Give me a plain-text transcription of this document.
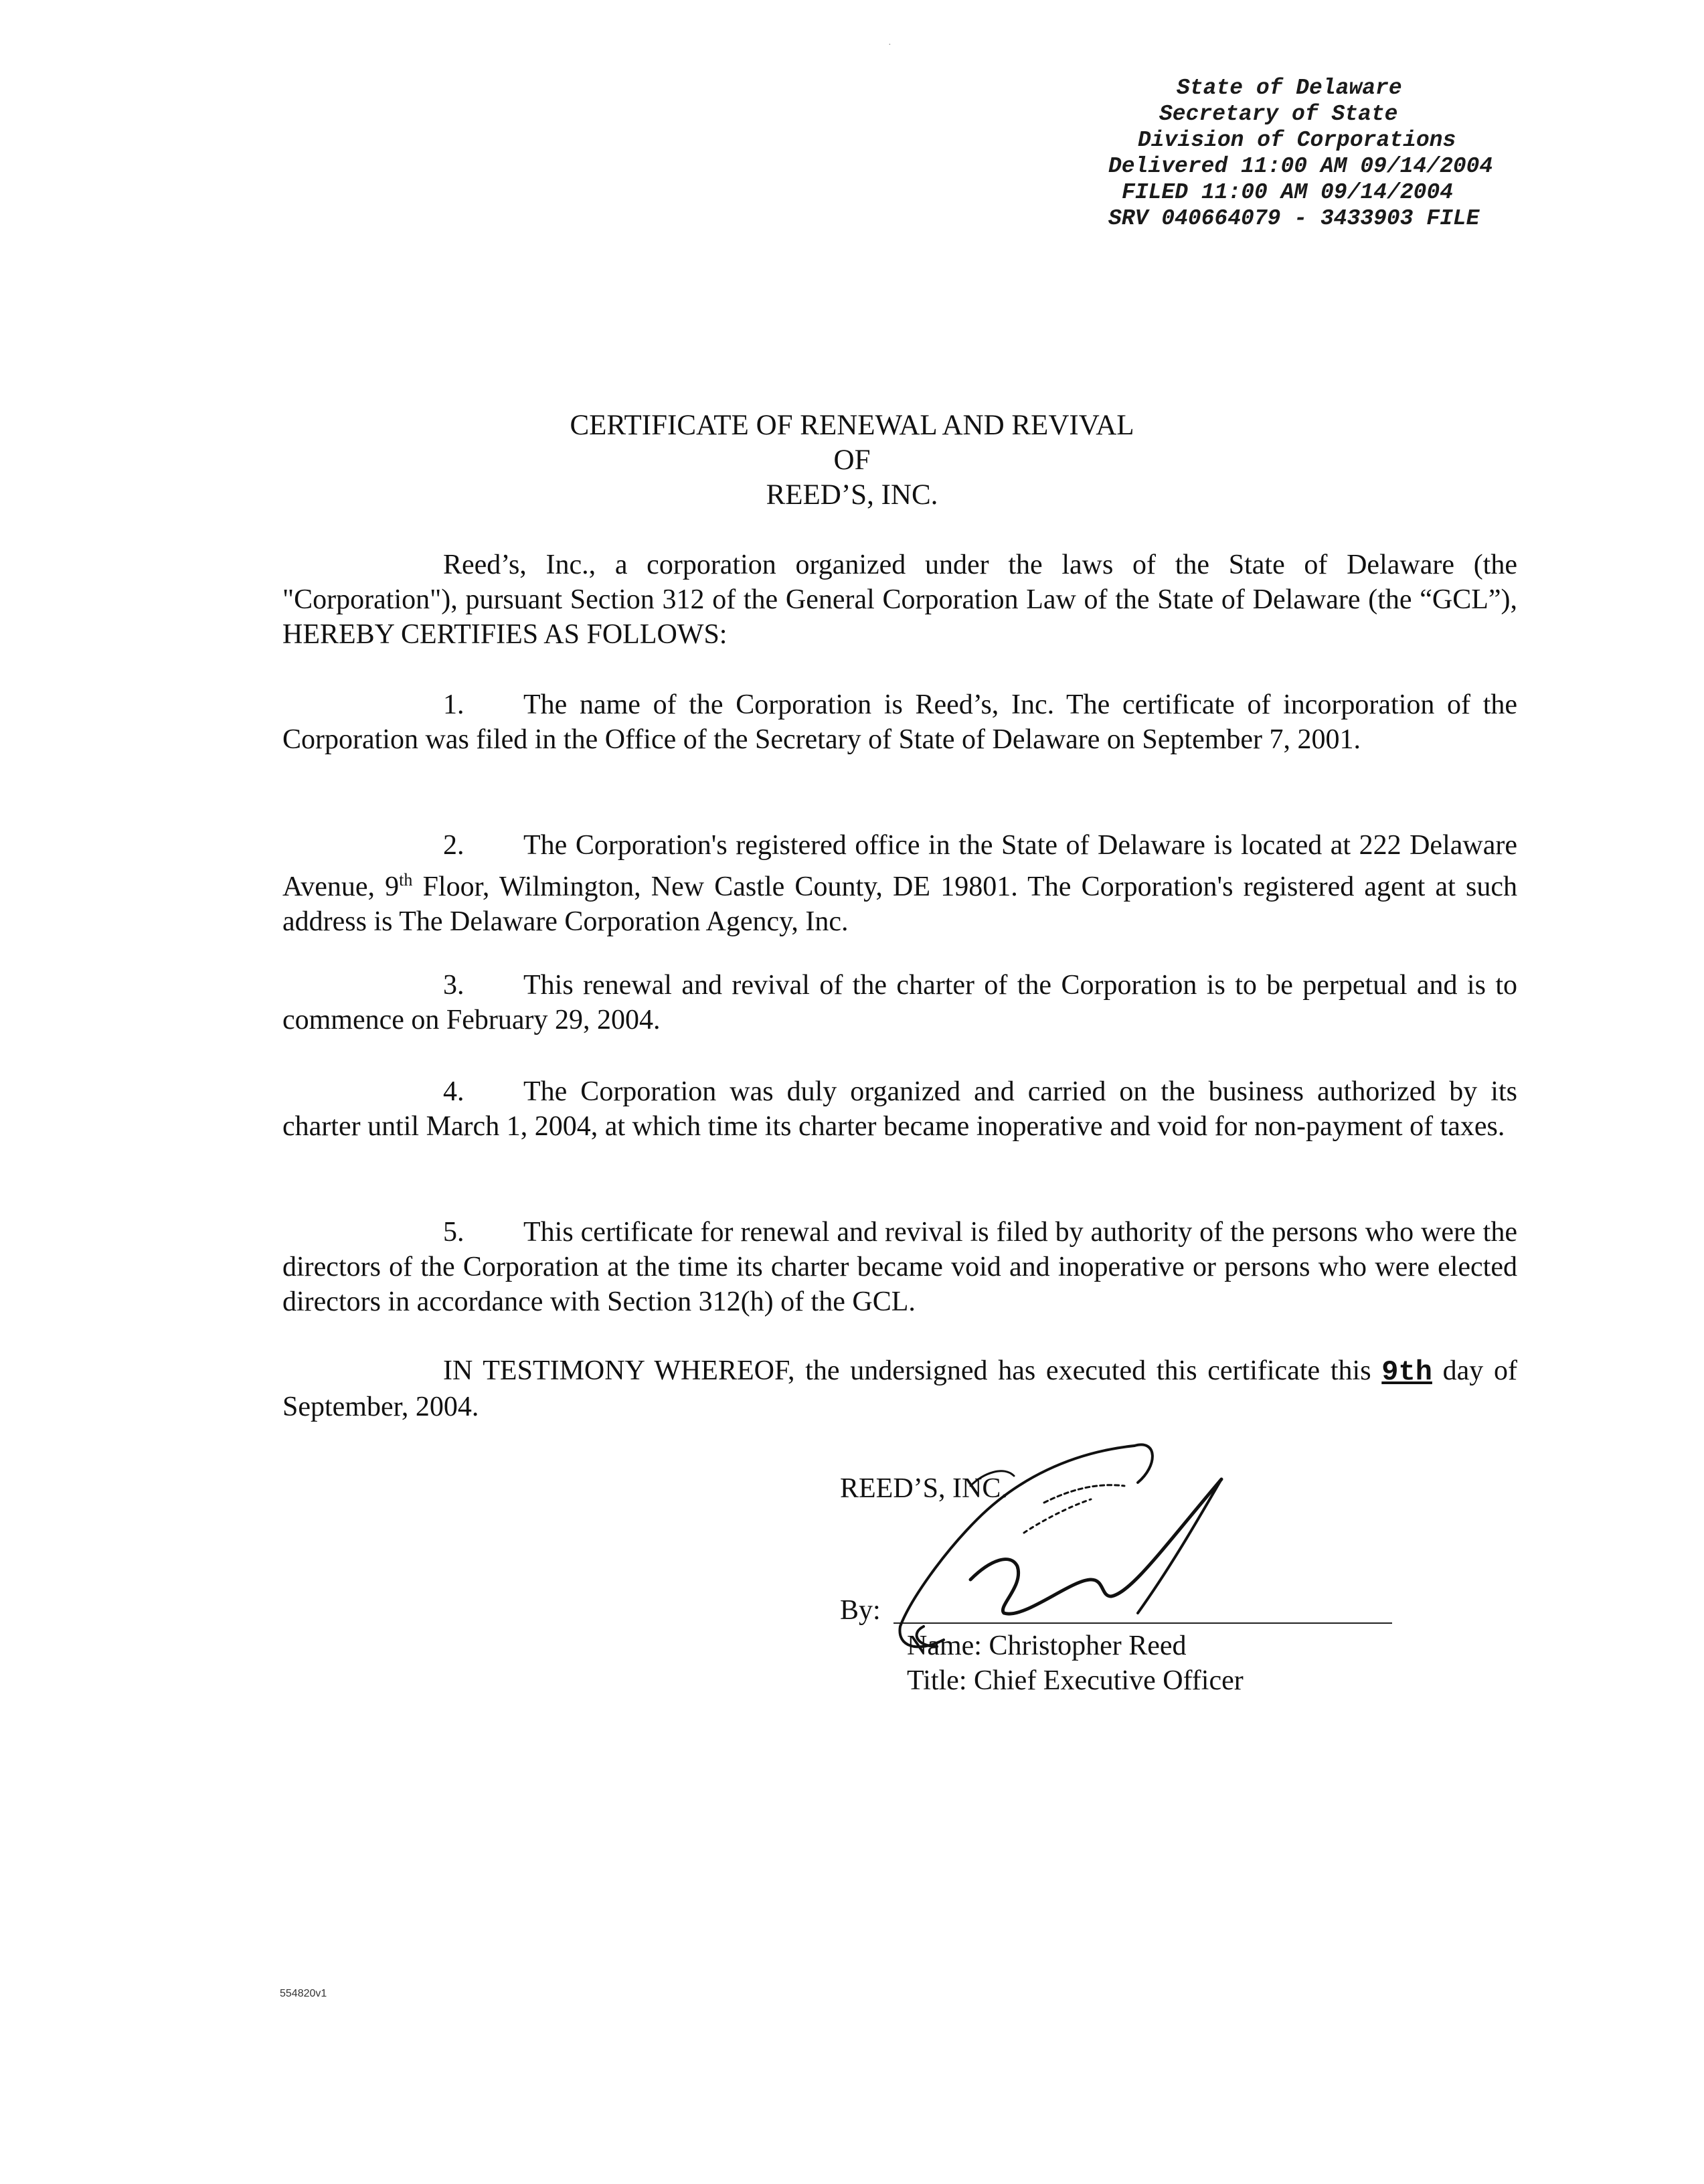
·
State of Delaware
Secretary of State
Division of Corporations
Delivered 11:00 AM 09/14/2004
FILED 11:00 AM 09/14/2004
SRV 040664079 - 3433903 FILE
CERTIFICATE OF RENEWAL AND REVIVAL
OF
REED’S, INC.
Reed’s, Inc., a corporation organized under the laws of the State of Delaware (the "Corporation"), pursuant Section 312 of the General Corporation Law of the State of Delaware (the “GCL”), HEREBY CERTIFIES AS FOLLOWS:
1. The name of the Corporation is Reed’s, Inc. The certificate of incorporation of the Corporation was filed in the Office of the Secretary of State of Delaware on September 7, 2001.
2. The Corporation's registered office in the State of Delaware is located at 222 Delaware Avenue, 9th Floor, Wilmington, New Castle County, DE 19801. The Corporation's registered agent at such address is The Delaware Corporation Agency, Inc.
3. This renewal and revival of the charter of the Corporation is to be perpetual and is to commence on February 29, 2004.
4. The Corporation was duly organized and carried on the business authorized by its charter until March 1, 2004, at which time its charter became inoperative and void for non-payment of taxes.
5. This certificate for renewal and revival is filed by authority of the persons who were the directors of the Corporation at the time its charter became void and inoperative or persons who were elected directors in accordance with Section 312(h) of the GCL.
IN TESTIMONY WHEREOF, the undersigned has executed this certificate this 9th day of September, 2004.
REED’S, INC.
By:
Name: Christopher Reed
Title: Chief Executive Officer
554820v1
